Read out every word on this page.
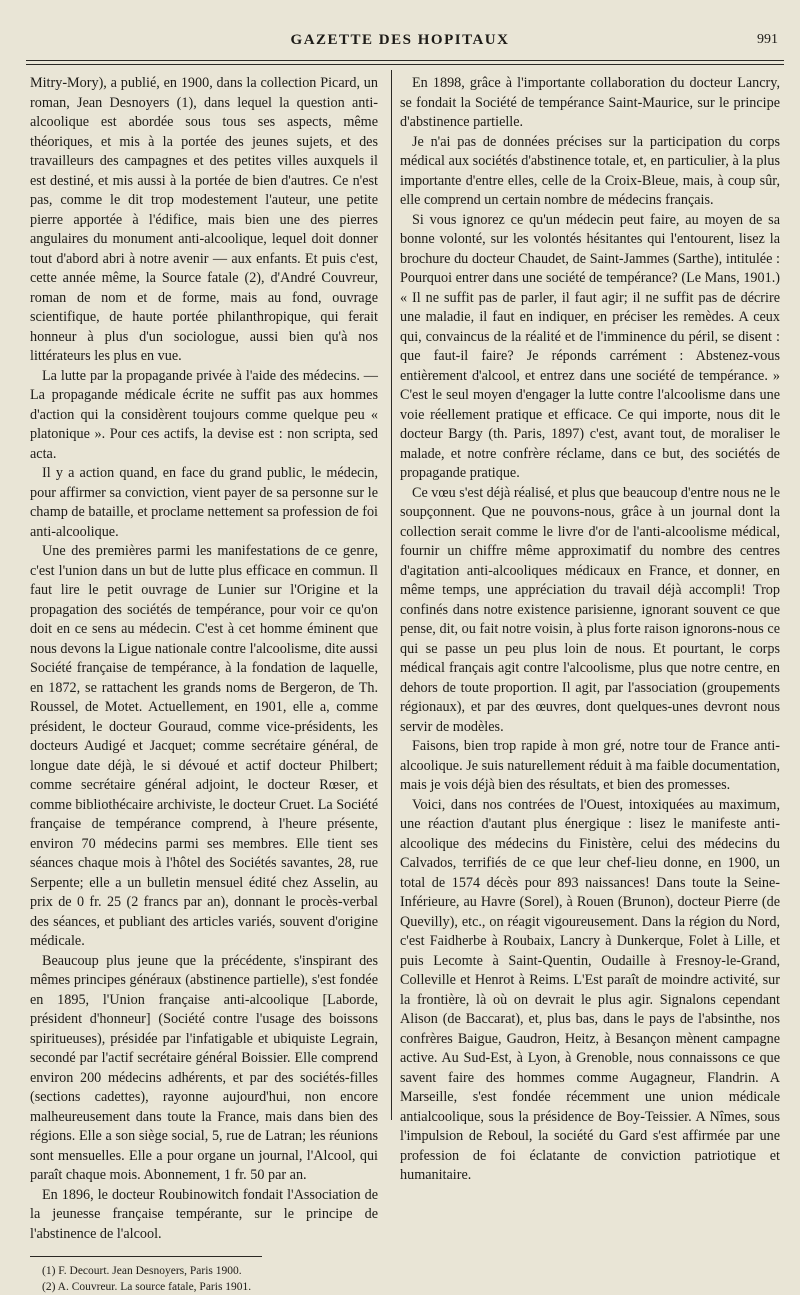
GAZETTE DES HOPITAUX	991

Mitry-Mory), a publié, en 1900, dans la collection Picard, un roman, Jean Desnoyers (1), dans lequel la question anti-alcoolique est abordée sous tous ses aspects, même théoriques, et mis à la portée des jeunes sujets, et des travailleurs des campagnes et des petites villes auxquels il est destiné, et mis aussi à la portée de bien d'autres. Ce n'est pas, comme le dit trop modestement l'auteur, une petite pierre apportée à l'édifice, mais bien une des pierres angulaires du monument anti-alcoolique, lequel doit donner tout d'abord abri à notre avenir — aux enfants. Et puis c'est, cette année même, la Source fatale (2), d'André Couvreur, roman de nom et de forme, mais au fond, ouvrage scientifique, de haute portée philanthropique, qui ferait honneur à plus d'un sociologue, aussi bien qu'à nos littérateurs les plus en vue.

La lutte par la propagande privée à l'aide des médecins. — La propagande médicale écrite ne suffit pas aux hommes d'action qui la considèrent toujours comme quelque peu « platonique ». Pour ces actifs, la devise est : non scripta, sed acta.

Il y a action quand, en face du grand public, le médecin, pour affirmer sa conviction, vient payer de sa personne sur le champ de bataille, et proclame nettement sa profession de foi anti-alcoolique.

Une des premières parmi les manifestations de ce genre, c'est l'union dans un but de lutte plus efficace en commun. Il faut lire le petit ouvrage de Lunier sur l'Origine et la propagation des sociétés de tempérance, pour voir ce qu'on doit en ce sens au médecin. C'est à cet homme éminent que nous devons la Ligue nationale contre l'alcoolisme, dite aussi Société française de tempérance, à la fondation de laquelle, en 1872, se rattachent les grands noms de Bergeron, de Th. Roussel, de Motet. Actuellement, en 1901, elle a, comme président, le docteur Gouraud, comme vice-présidents, les docteurs Audigé et Jacquet; comme secrétaire général, de longue date déjà, le si dévoué et actif docteur Philbert; comme secrétaire général adjoint, le docteur Rœser, et comme bibliothécaire archiviste, le docteur Cruet. La Société française de tempérance comprend, à l'heure présente, environ 70 médecins parmi ses membres. Elle tient ses séances chaque mois à l'hôtel des Sociétés savantes, 28, rue Serpente; elle a un bulletin mensuel édité chez Asselin, au prix de 0 fr. 25 (2 francs par an), donnant le procès-verbal des séances, et publiant des articles variés, souvent d'origine médicale.

Beaucoup plus jeune que la précédente, s'inspirant des mêmes principes généraux (abstinence partielle), s'est fondée en 1895, l'Union française anti-alcoolique [Laborde, président d'honneur] (Société contre l'usage des boissons spiritueuses), présidée par l'infatigable et ubiquiste Legrain, secondé par l'actif secrétaire général Boissier. Elle comprend environ 200 médecins adhérents, et par des sociétés-filles (sections cadettes), rayonne aujourd'hui, non encore malheureusement dans toute la France, mais dans bien des régions. Elle a son siège social, 5, rue de Latran; les réunions sont mensuelles. Elle a pour organe un journal, l'Alcool, qui paraît chaque mois. Abonnement, 1 fr. 50 par an.

En 1896, le docteur Roubinowitch fondait l'Association de la jeunesse française tempérante, sur le principe de l'abstinence de l'alcool.

(1) F. Decourt. Jean Desnoyers, Paris 1900.

(2) A. Couvreur. La source fatale, Paris 1901.

En 1898, grâce à l'importante collaboration du docteur Lancry, se fondait la Société de tempérance Saint-Maurice, sur le principe d'abstinence partielle.

Je n'ai pas de données précises sur la participation du corps médical aux sociétés d'abstinence totale, et, en particulier, à la plus importante d'entre elles, celle de la Croix-Bleue, mais, à coup sûr, elle comprend un certain nombre de médecins français.

Si vous ignorez ce qu'un médecin peut faire, au moyen de sa bonne volonté, sur les volontés hésitantes qui l'entourent, lisez la brochure du docteur Chaudet, de Saint-Jammes (Sarthe), intitulée : Pourquoi entrer dans une société de tempérance? (Le Mans, 1901.) « Il ne suffit pas de parler, il faut agir; il ne suffit pas de décrire une maladie, il faut en indiquer, en préciser les remèdes. A ceux qui, convaincus de la réalité et de l'imminence du péril, se disent : que faut-il faire? Je réponds carrément : Abstenez-vous entièrement d'alcool, et entrez dans une société de tempérance. » C'est le seul moyen d'engager la lutte contre l'alcoolisme dans une voie réellement pratique et efficace. Ce qui importe, nous dit le docteur Bargy (th. Paris, 1897) c'est, avant tout, de moraliser le malade, et notre confrère réclame, dans ce but, des sociétés de propagande pratique.

Ce vœu s'est déjà réalisé, et plus que beaucoup d'entre nous ne le soupçonnent. Que ne pouvons-nous, grâce à un journal dont la collection serait comme le livre d'or de l'anti-alcoolisme médical, fournir un chiffre même approximatif du nombre des centres d'agitation anti-alcooliques médicaux en France, et donner, en même temps, une appréciation du travail déjà accompli! Trop confinés dans notre existence parisienne, ignorant souvent ce que pense, dit, ou fait notre voisin, à plus forte raison ignorons-nous ce qui se passe un peu plus loin de nous. Et pourtant, le corps médical français agit contre l'alcoolisme, plus que notre centre, en dehors de toute proportion. Il agit, par l'association (groupements régionaux), et par des œuvres, dont quelques-unes devront nous servir de modèles.

Faisons, bien trop rapide à mon gré, notre tour de France anti-alcoolique. Je suis naturellement réduit à ma faible documentation, mais je vois déjà bien des résultats, et bien des promesses.

Voici, dans nos contrées de l'Ouest, intoxiquées au maximum, une réaction d'autant plus énergique : lisez le manifeste anti-alcoolique des médecins du Finistère, celui des médecins du Calvados, terrifiés de ce que leur chef-lieu donne, en 1900, un total de 1574 décès pour 893 naissances! Dans toute la Seine-Inférieure, au Havre (Sorel), à Rouen (Brunon), docteur Pierre (de Quevilly), etc., on réagit vigoureusement. Dans la région du Nord, c'est Faidherbe à Roubaix, Lancry à Dunkerque, Folet à Lille, et puis Lecomte à Saint-Quentin, Oudaille à Fresnoy-le-Grand, Colleville et Henrot à Reims. L'Est paraît de moindre activité, sur la frontière, là où on devrait le plus agir. Signalons cependant Alison (de Baccarat), et, plus bas, dans le pays de l'absinthe, nos confrères Baigue, Gaudron, Heitz, à Besançon mènent campagne active. Au Sud-Est, à Lyon, à Grenoble, nous connaissons ce que savent faire des hommes comme Augagneur, Flandrin. A Marseille, s'est fondée récemment une union médicale antialcoolique, sous la présidence de Boy-Teissier. A Nîmes, sous l'impulsion de Reboul, la société du Gard s'est affirmée par une profession de foi éclatante de conviction patriotique et humanitaire.
